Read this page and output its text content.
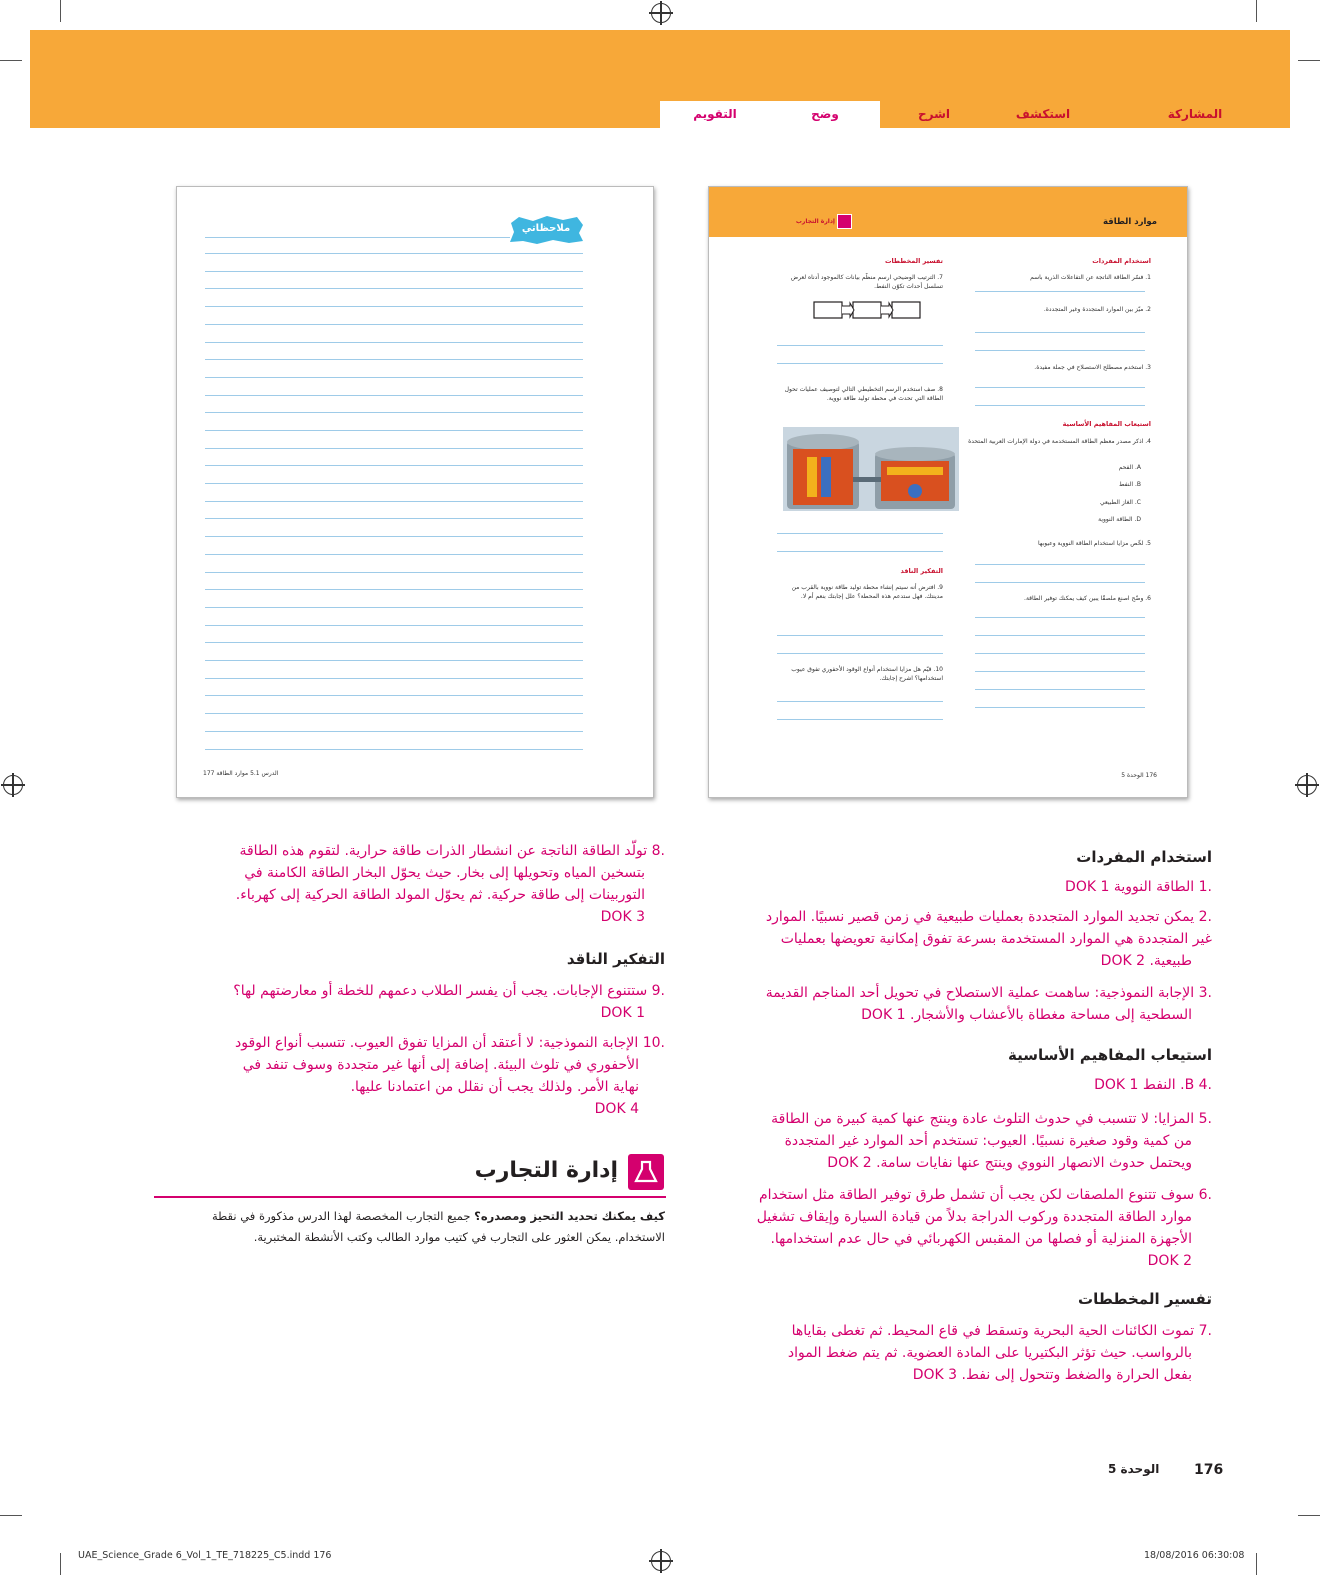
المشاركة
استكشف
اشرح
وضح
التقويم
موارد الطاقة
إدارة التجارب
استخدام المفردات
1. فسّر الطاقة الناتجة عن التفاعلات الذرية باسم
2. ميّز بين الموارد المتجددة وغير المتجددة.
3. استخدم مصطلح الاستصلاح في جملة مفيدة.
استيعاب المفاهيم الأساسية
4. اذكر مصدر معظم الطاقة المستخدمة في دولة الإمارات العربية المتحدة
A. الفحم
B. النفط
C. الغاز الطبيعي
D. الطاقة النووية
5. لخّص مزايا استخدام الطاقة النووية وعيوبها
6. وضّح اصنع ملصقًا يبين كيف يمكنك توفير الطاقة.
تفسير المخططات
7. الترتيب الوضيحي ارسم منظّم بيانات كالموجود أدناه لعرض تسلسل أحداث تكوّن النفط.
8. صف استخدم الرسم التخطيطي التالي لتوصيف عمليات تحول الطاقة التي تحدث في محطة توليد طاقة نووية.
التفكير الناقد
9. افترض أنه سيتم إنشاء محطة توليد طاقة نووية بالقرب من مدينتك. فهل ستدعم هذه المحطة؟ علل إجابتك بنعم أم لا.
10. قيّم هل مزايا استخدام أنواع الوقود الأحفوري تفوق عيوب استخدامها؟ اشرح إجابتك.
176 الوحدة 5
ملاحظاتي
الدرس 5.1 موارد الطاقة 177
استخدام المفردات
.1 الطاقة النووية DOK 1
.2 يمكن تجديد الموارد المتجددة بعمليات طبيعية في زمن قصير نسبيًا. الموارد
غير المتجددة هي الموارد المستخدمة بسرعة تفوق إمكانية تعويضها بعمليات
طبيعية. DOK 2
.3 الإجابة النموذجية: ساهمت عملية الاستصلاح في تحويل أحد المناجم القديمة
السطحية إلى مساحة مغطاة بالأعشاب والأشجار. DOK 1
استيعاب المفاهيم الأساسية
.4 B. النفط DOK 1
.5 المزايا: لا تتسبب في حدوث التلوث عادة وينتج عنها كمية كبيرة من الطاقة
من كمية وقود صغيرة نسبيًا. العيوب: تستخدم أحد الموارد غير المتجددة
ويحتمل حدوث الانصهار النووي وينتج عنها نفايات سامة. DOK 2
.6 سوف تتنوع الملصقات لكن يجب أن تشمل طرق توفير الطاقة مثل استخدام
موارد الطاقة المتجددة وركوب الدراجة بدلاً من قيادة السيارة وإيقاف تشغيل
الأجهزة المنزلية أو فصلها من المقبس الكهربائي في حال عدم استخدامها.
DOK 2
تفسير المخططات
.7 تموت الكائنات الحية البحرية وتسقط في قاع المحيط. ثم تغطى بقاياها
بالرواسب. حيث تؤثر البكتيريا على المادة العضوية. ثم يتم ضغط المواد
بفعل الحرارة والضغط وتتحول إلى نفط. DOK 3
.8 تولّد الطاقة الناتجة عن انشطار الذرات طاقة حرارية. لتقوم هذه الطاقة
بتسخين المياه وتحويلها إلى بخار. حيث يحوّل البخار الطاقة الكامنة في
التوربينات إلى طاقة حركية. ثم يحوّل المولد الطاقة الحركية إلى كهرباء.
DOK 3
التفكير الناقد
.9 ستتنوع الإجابات. يجب أن يفسر الطلاب دعمهم للخطة أو معارضتهم لها؟
DOK 1
.10 الإجابة النموذجية: لا أعتقد أن المزايا تفوق العيوب. تتسبب أنواع الوقود
الأحفوري في تلوث البيئة. إضافة إلى أنها غير متجددة وسوف تنفد في
نهاية الأمر. ولذلك يجب أن نقلل من اعتمادنا عليها.
DOK 4
إدارة التجارب
كيف يمكنك تحديد التحيز ومصدره؟ جميع التجارب المخصصة لهذا الدرس مذكورة في نقطة
الاستخدام. يمكن العثور على التجارب في كتيب موارد الطالب وكتب الأنشطة المختبرية.
176
الوحدة 5
UAE_Science_Grade 6_Vol_1_TE_718225_C5.indd 176	18/08/2016 06:30:08
